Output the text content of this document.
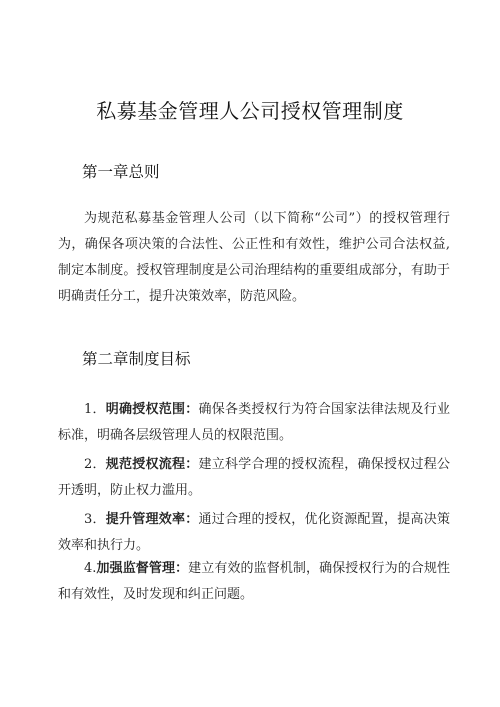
私募基金管理人公司授权管理制度
第一章总则
为规范私募基金管理人公司（以下简称“公司”）的授权管理行为，确保各项决策的合法性、公正性和有效性，维护公司合法权益,制定本制度。授权管理制度是公司治理结构的重要组成部分，有助于明确责任分工，提升决策效率，防范风险。
第二章制度目标
1．明确授权范围：确保各类授权行为符合国家法律法规及行业标准，明确各层级管理人员的权限范围。
2．规范授权流程：建立科学合理的授权流程，确保授权过程公开透明，防止权力滥用。
3．提升管理效率：通过合理的授权，优化资源配置，提高决策效率和执行力。
4.加强监督管理：建立有效的监督机制，确保授权行为的合规性和有效性，及时发现和纠正问题。
